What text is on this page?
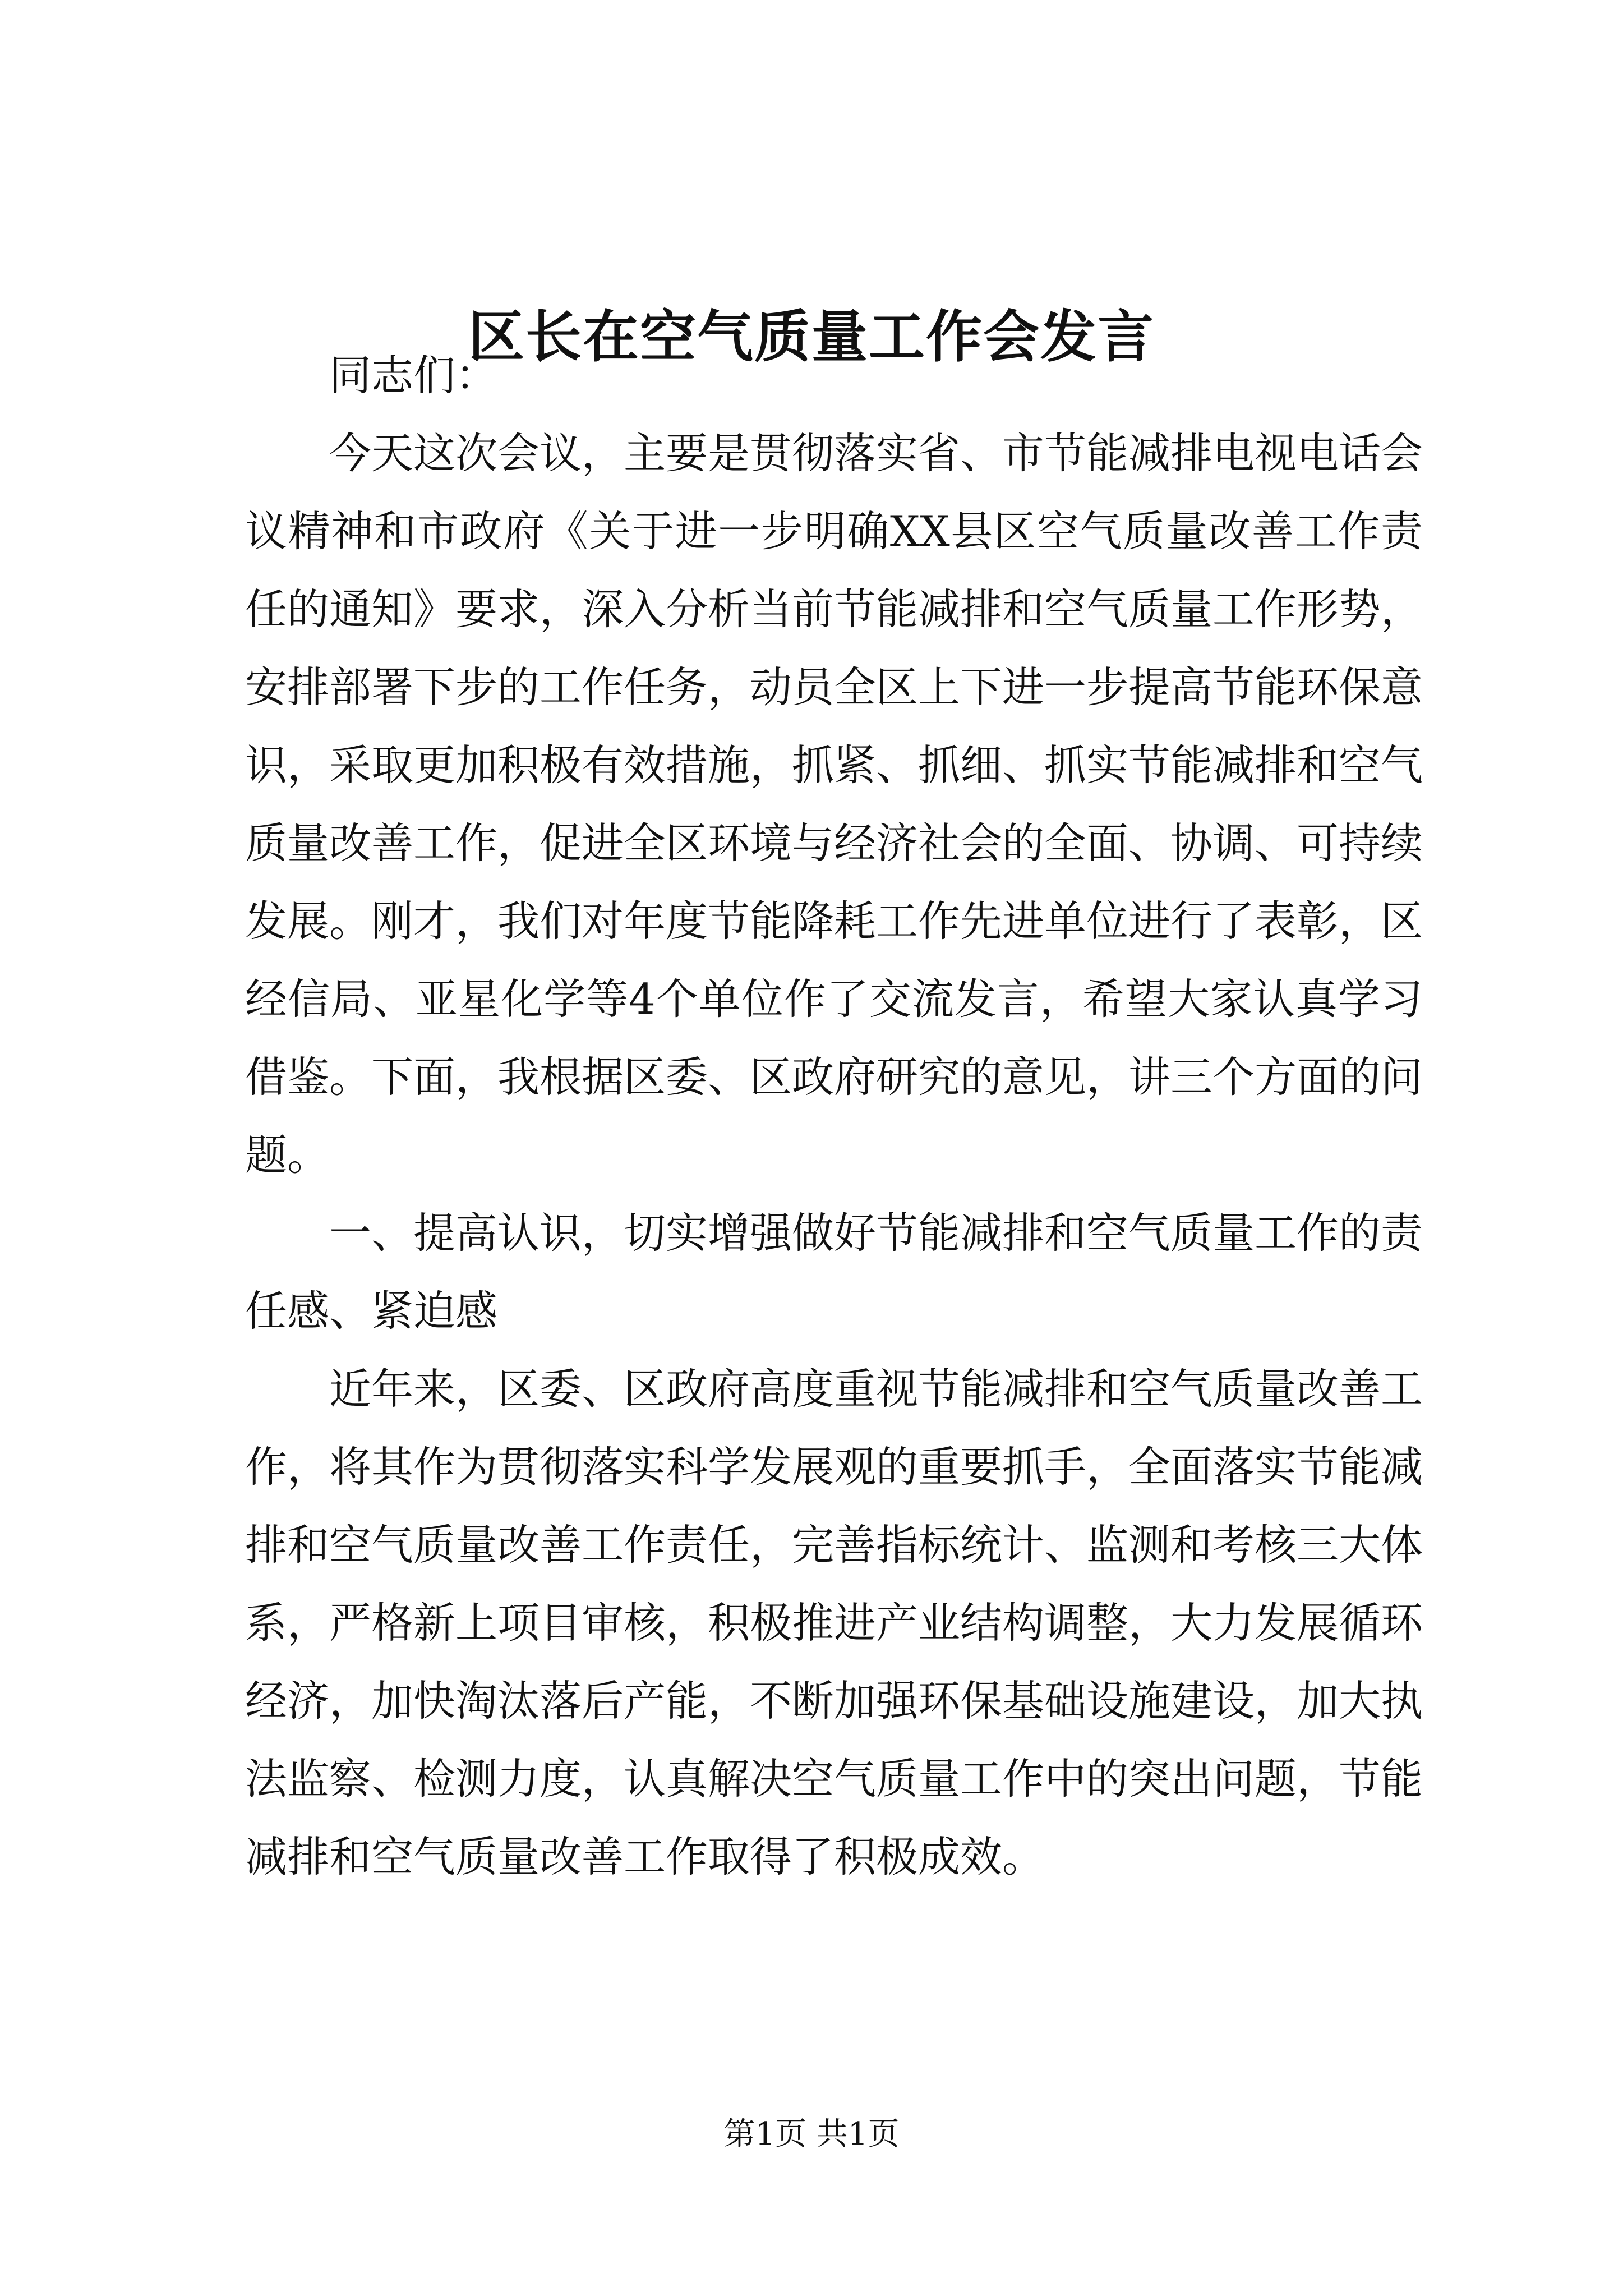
区长在空气质量工作会发言

同志们：

今天这次会议，主要是贯彻落实省、市节能减排电视电话会议精神和市政府《关于进一步明确XX县区空气质量改善工作责任的通知》要求，深入分析当前节能减排和空气质量工作形势，安排部署下步的工作任务，动员全区上下进一步提高节能环保意识，采取更加积极有效措施，抓紧、抓细、抓实节能减排和空气质量改善工作，促进全区环境与经济社会的全面、协调、可持续发展。刚才，我们对年度节能降耗工作先进单位进行了表彰，区经信局、亚星化学等4个单位作了交流发言，希望大家认真学习借鉴。下面，我根据区委、区政府研究的意见，讲三个方面的问题。

一、提高认识，切实增强做好节能减排和空气质量工作的责任感、紧迫感

近年来，区委、区政府高度重视节能减排和空气质量改善工作，将其作为贯彻落实科学发展观的重要抓手，全面落实节能减排和空气质量改善工作责任，完善指标统计、监测和考核三大体系，严格新上项目审核，积极推进产业结构调整，大力发展循环经济，加快淘汰落后产能，不断加强环保基础设施建设，加大执法监察、检测力度，认真解决空气质量工作中的突出问题，节能减排和空气质量改善工作取得了积极成效。

第1页 共1页
